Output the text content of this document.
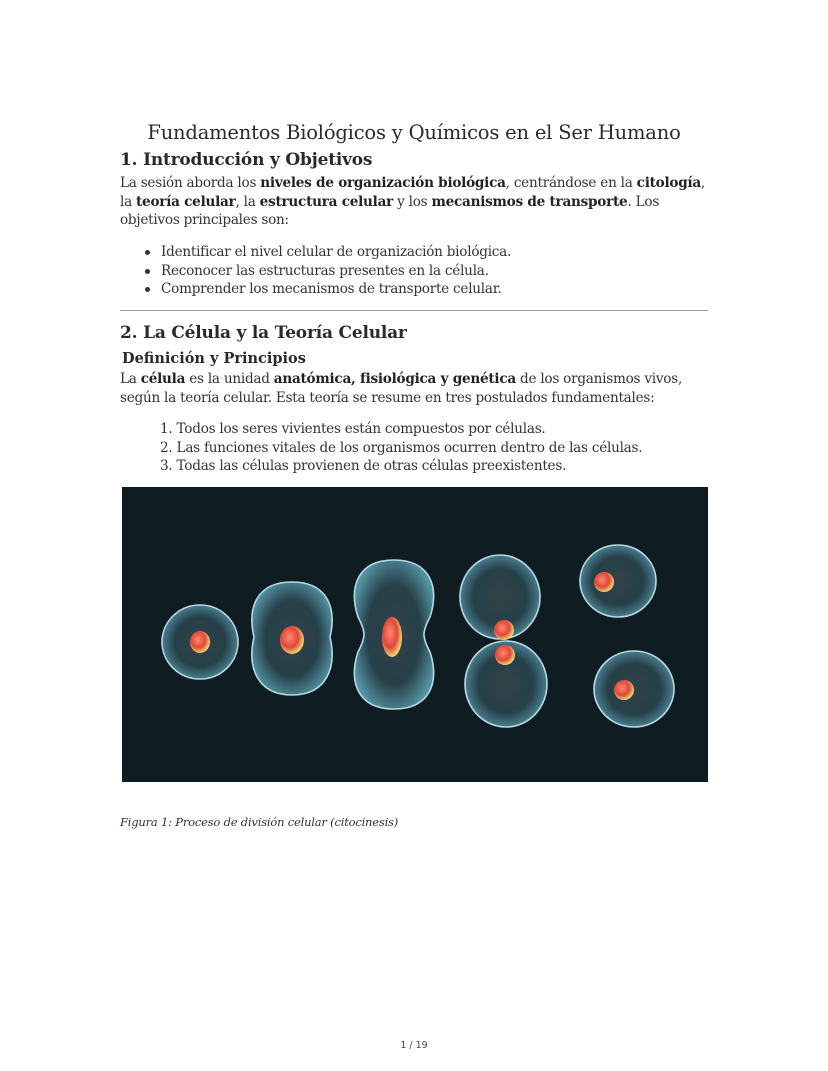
Fundamentos Biológicos y Químicos en el Ser Humano
1. Introducción y Objetivos

La sesión aborda los niveles de organización biológica, centrándose en la citología, la teoría celular, la estructura celular y los mecanismos de transporte. Los objetivos principales son:

Identificar el nivel celular de organización biológica.
Reconocer las estructuras presentes en la célula.
Comprender los mecanismos de transporte celular.
2. La Célula y la Teoría Celular
Definición y Principios

La célula es la unidad anatómica, fisiológica y genética de los organismos vivos, según la teoría celular. Esta teoría se resume en tres postulados fundamentales:

1. Todos los seres vivientes están compuestos por células.
2. Las funciones vitales de los organismos ocurren dentro de las células.
3. Todas las células provienen de otras células preexistentes.

Figura 1: Proceso de división celular (citocinesis)

1 / 19
